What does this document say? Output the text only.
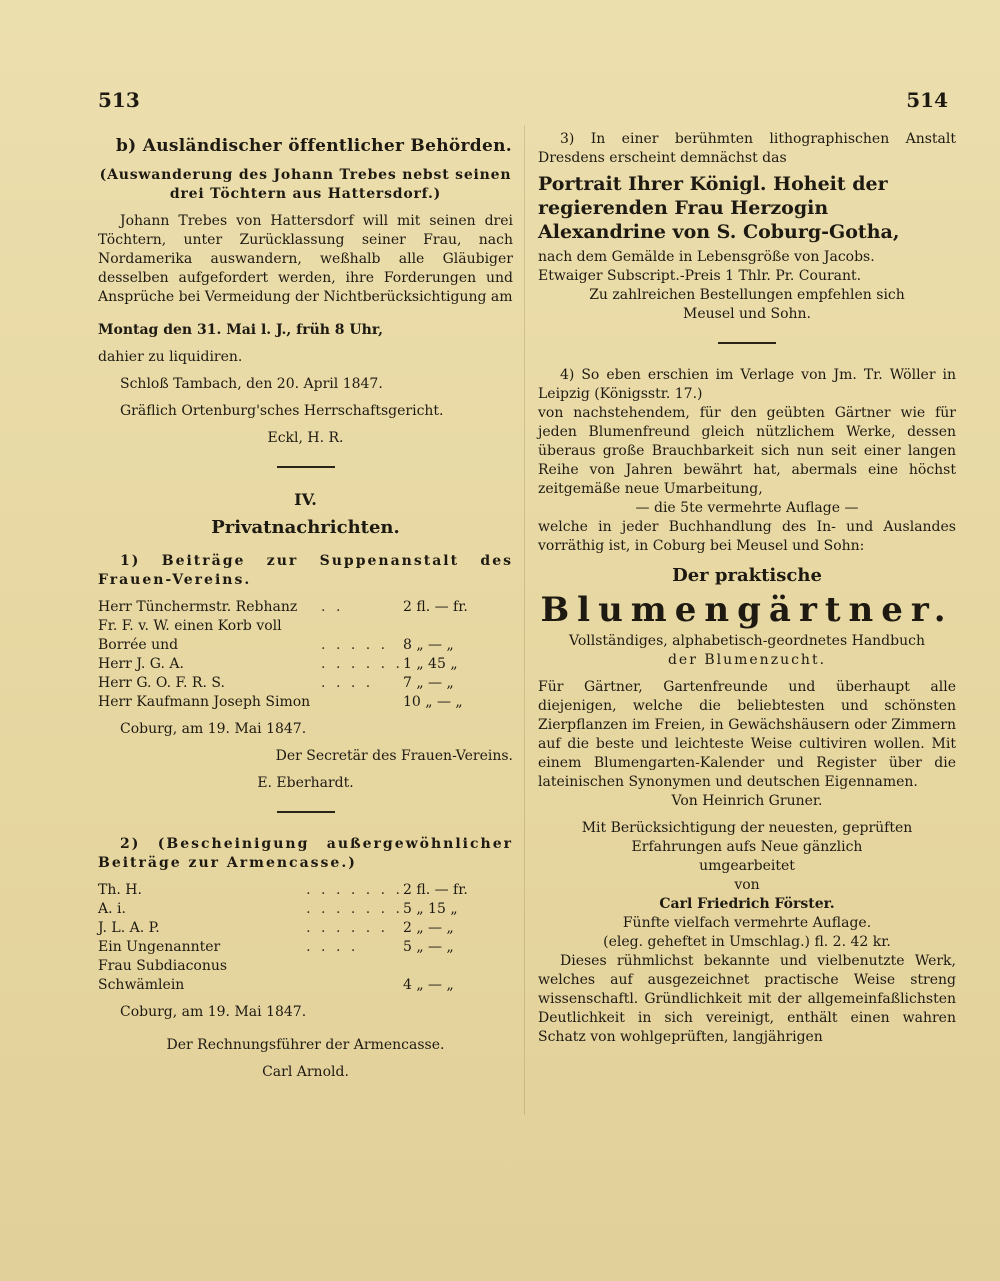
513	514
b) Ausländischer öffentlicher Behörden.

(Auswanderung des Johann Trebes nebst seinen drei Töchtern aus Hattersdorf.)

Johann Trebes von Hattersdorf will mit seinen drei Töchtern, unter Zurücklassung seiner Frau, nach Nordamerika auswandern, weßhalb alle Gläubiger desselben aufgefordert werden, ihre Forderungen und Ansprüche bei Vermeidung der Nichtberücksichtigung am

Montag den 31. Mai l. J., früh 8 Uhr,

dahier zu liquidiren.

Schloß Tambach, den 20. April 1847.

Gräflich Ortenburg'sches Herrschaftsgericht.

Eckl, H. R.

IV.
Privatnachrichten.

1) Beiträge zur Suppenanstalt des Frauen-Vereins.

Herr Tünchermstr. Rebhanz	. .	2 fl. — fr.
Fr. F. v. W. einen Korb voll Borrée und	. . . . .	8 „ — „
Herr J. G. A.	. . . . . .	1 „ 45 „
Herr G. O. F. R. S.	. . . .	7 „ — „
Herr Kaufmann Joseph Simon		10 „ — „

Coburg, am 19. Mai 1847.

Der Secretär des Frauen-Vereins.

E. Eberhardt.

2) (Bescheinigung außergewöhnlicher Beiträge zur Armencasse.)

Th. H.	. . . . . . .	2 fl. — fr.
A. i.	. . . . . . .	5 „ 15 „
J. L. A. P.	. . . . . .	2 „ — „
Ein Ungenannter	. . . .	5 „ — „
Frau Subdiaconus Schwämlein		4 „ — „

Coburg, am 19. Mai 1847.

Der Rechnungsführer der Armencasse.

Carl Arnold.

3) In einer berühmten lithographischen Anstalt Dresdens erscheint demnächst das

Portrait Ihrer Königl. Hoheit der regierenden Frau Herzogin Alexandrine von S. Coburg-Gotha,

nach dem Gemälde in Lebensgröße von Jacobs.

Etwaiger Subscript.-Preis 1 Thlr. Pr. Courant.

Zu zahlreichen Bestellungen empfehlen sich

Meusel und Sohn.

4) So eben erschien im Verlage von Jm. Tr. Wöller in Leipzig (Königsstr. 17.)

von nachstehendem, für den geübten Gärtner wie für jeden Blumenfreund gleich nützlichem Werke, dessen überaus große Brauchbarkeit sich nun seit einer langen Reihe von Jahren bewährt hat, abermals eine höchst zeitgemäße neue Umarbeitung,

— die 5te vermehrte Auflage —

welche in jeder Buchhandlung des In- und Auslandes vorräthig ist, in Coburg bei Meusel und Sohn:

Der praktische
Blumengärtner.

Vollständiges, alphabetisch-geordnetes Handbuch

der Blumenzucht.

Für Gärtner, Gartenfreunde und überhaupt alle diejenigen, welche die beliebtesten und schönsten Zierpflanzen im Freien, in Gewächshäusern oder Zimmern auf die beste und leichteste Weise cultiviren wollen. Mit einem Blumengarten-Kalender und Register über die lateinischen Synonymen und deutschen Eigennamen.

Von Heinrich Gruner.

Mit Berücksichtigung der neuesten, geprüften Erfahrungen aufs Neue gänzlich

umgearbeitet

von

Carl Friedrich Förster.

Fünfte vielfach vermehrte Auflage.

(eleg. geheftet in Umschlag.) fl. 2. 42 kr.

Dieses rühmlichst bekannte und vielbenutzte Werk, welches auf ausgezeichnet practische Weise streng wissenschaftl. Gründlichkeit mit der allgemeinfaßlichsten Deutlichkeit in sich vereinigt, enthält einen wahren Schatz von wohlgeprüften, langjährigen
